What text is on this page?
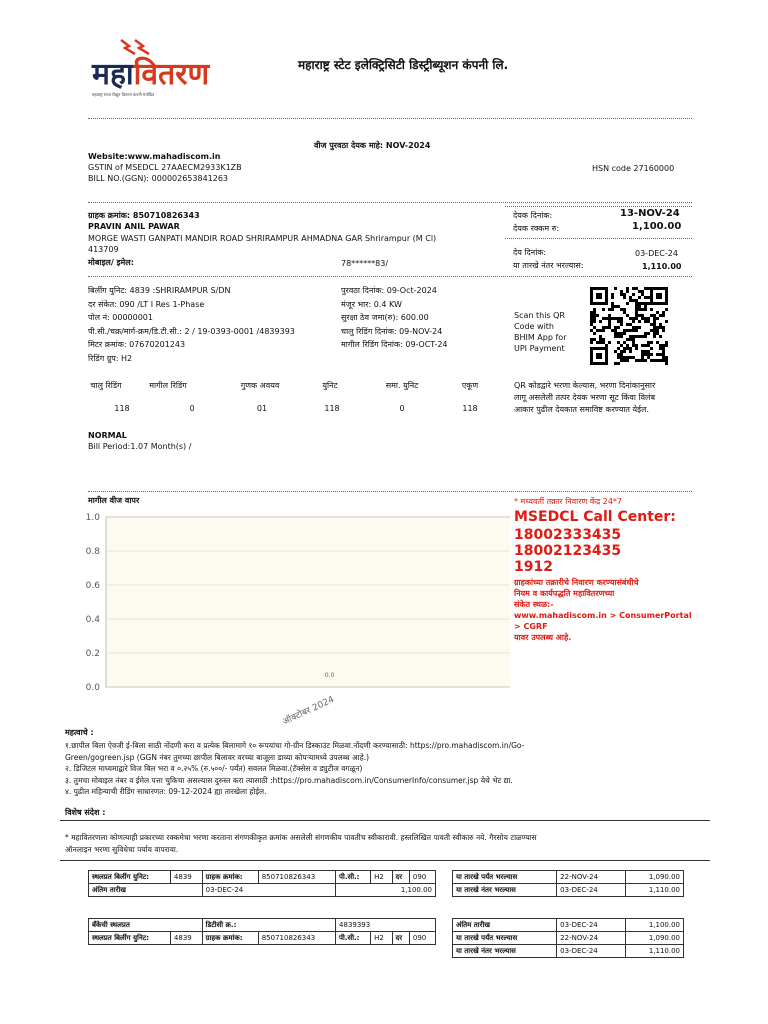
महावितरण
महाराष्ट्र राज्य विद्युत वितरण कंपनी मर्यादित
महाराष्ट्र स्टेट इलेक्ट्रिसिटी डिस्ट्रीब्यूशन कंपनी लि.
वीज पुरवठा देयक माहे: NOV-2024
Website:www.mahadiscom.in
GSTIN of MSEDCL 27AAECM2933K1ZB
BILL NO.(GGN): 000002653841263
HSN code 27160000
ग्राहक क्रमांक: 850710826343
PRAVIN ANIL PAWAR
MORGE WASTI GANPATI MANDIR ROAD SHRIRAMPUR AHMADNA GAR Shrirampur (M Cl)
413709
मोबाइल/ इमेल:	78******83/
देयक दिनांक:	13-NOV-24
देयक रक्कम रु:	1,100.00
देय दिनांक:	03-DEC-24
या तारखे नंतर भरल्यास:	1,110.00
बिलींग युनिट: 4839 :SHRIRAMPUR S/DN
दर संकेत: 090 /LT I Res 1-Phase
पोल नं: 00000001
पी.सी./चक्र/मार्ग-क्रम/डि.टी.सी.: 2 / 19-0393-0001 /4839393
मिटर क्रमांक: 07670201243
रिडिंग ग्रुप: H2
पुरवठा दिनांक: 09-Oct-2024
मंजूर भार: 0.4 KW
सुरक्षा ठेव जमा(रु): 600.00
चालु रिडिंग दिनांक: 09-NOV-24
मागील रिडिंग दिनांक: 09-OCT-24
Scan this QR
Code with
BHIM App for
UPI Payment
QR कोडद्वारे भरणा केल्यास, भरणा दिनांकानुसार
लागू असलेली तत्पर देयक भरणा सूट किंवा विलंब
आकार पुढील देयकात समाविष्ट करण्यात येईल.
चालु रिडिंग	मागील रिडिंग	गुणक अवयव	युनिट	समा. युनिट	एकूण
118	0	01	118	0	118
NORMAL
Bill Period:1.07 Month(s) /
मागील वीज वापर
0.0
0.2
0.4
0.6
0.8
1.0
0.0
ऑक्टोबर 2024
* मध्यवर्ती तक्रार निवारण केंद्र 24*7
MSEDCL Call Center:
18002333435
18002123435
1912
ग्राहकांच्या तक्रारीचे निवारण करण्यासंबंधीचे
नियम व कार्यपद्धति महावितरणच्या
संकेत स्थळ:-
www.mahadiscom.in > ConsumerPortal
> CGRF
यावर उपलब्ध आहे.
महत्वाचे :
१.छापील बिला ऐवजी ई-बिला साठी नोंदणी करा व प्रत्येक बिलामागे १० रूपयांचा गो-ग्रीन डिस्काउंट मिळवा.नोंदणी करण्यासाठी: https://pro.mahadiscom.in/Go-
Green/gogreen.jsp (GGN नंबर तुमच्या छापील बिलावर वरच्या बाजूला डाव्या कोपऱ्यामध्ये उपलब्ध आहे.)
२. डिजिटल माध्यमाद्वारे विज बिल भरा व ०.२५% (रु.५००/- पर्यंत) सवलत मिळवा.(टॅक्सेस व ड्युटीज वगळून)
३. तुमचा मोबाइल नंबर व ईमेल पत्ता चुकिचा असल्यास दुरुस्त करा त्यासाठी :https://pro.mahadiscom.in/ConsumerInfo/consumer.jsp येथे भेट द्या.
४. पुढील महिन्याची रीडिंग साधारणत: 09-12-2024 ह्या तारखेला होईल.
विशेष संदेश :
* महावितरणला कोणत्याही प्रकारच्या रक्कमेचा भरणा करताना संगणकीकृत क्रमांक असलेली संगणकीय पावतीच स्वीकारावी. हस्तलिखित पावती स्वीकारु नये. गैरसोय टाळण्यास
ऑनलाइन भरणा सुविधेचा पर्याय वापरावा.
स्थलप्रत बिलींग युनिट:	4839	ग्राहक क्रमांक:	850710826343	पी.सी.:	H2	दर	090
अंतिम तारीख		03-DEC-24		1,100.00			
बँकेची स्थलप्रत		डिटीसी क्र.:		4839393			
स्थलप्रत बिलींग युनिट:	4839	ग्राहक क्रमांक:	850710826343	पी.सी.:	H2	दर	090
या तारखे पर्यंत भरल्यास	22-NOV-24	1,090.00
या तारखे नंतर भरल्यास	03-DEC-24	1,110.00
अंतिम तारीख	03-DEC-24	1,100.00
या तारखे पर्यंत भरल्यास	22-NOV-24	1,090.00
या तारखे नंतर भरल्यास	03-DEC-24	1,110.00
